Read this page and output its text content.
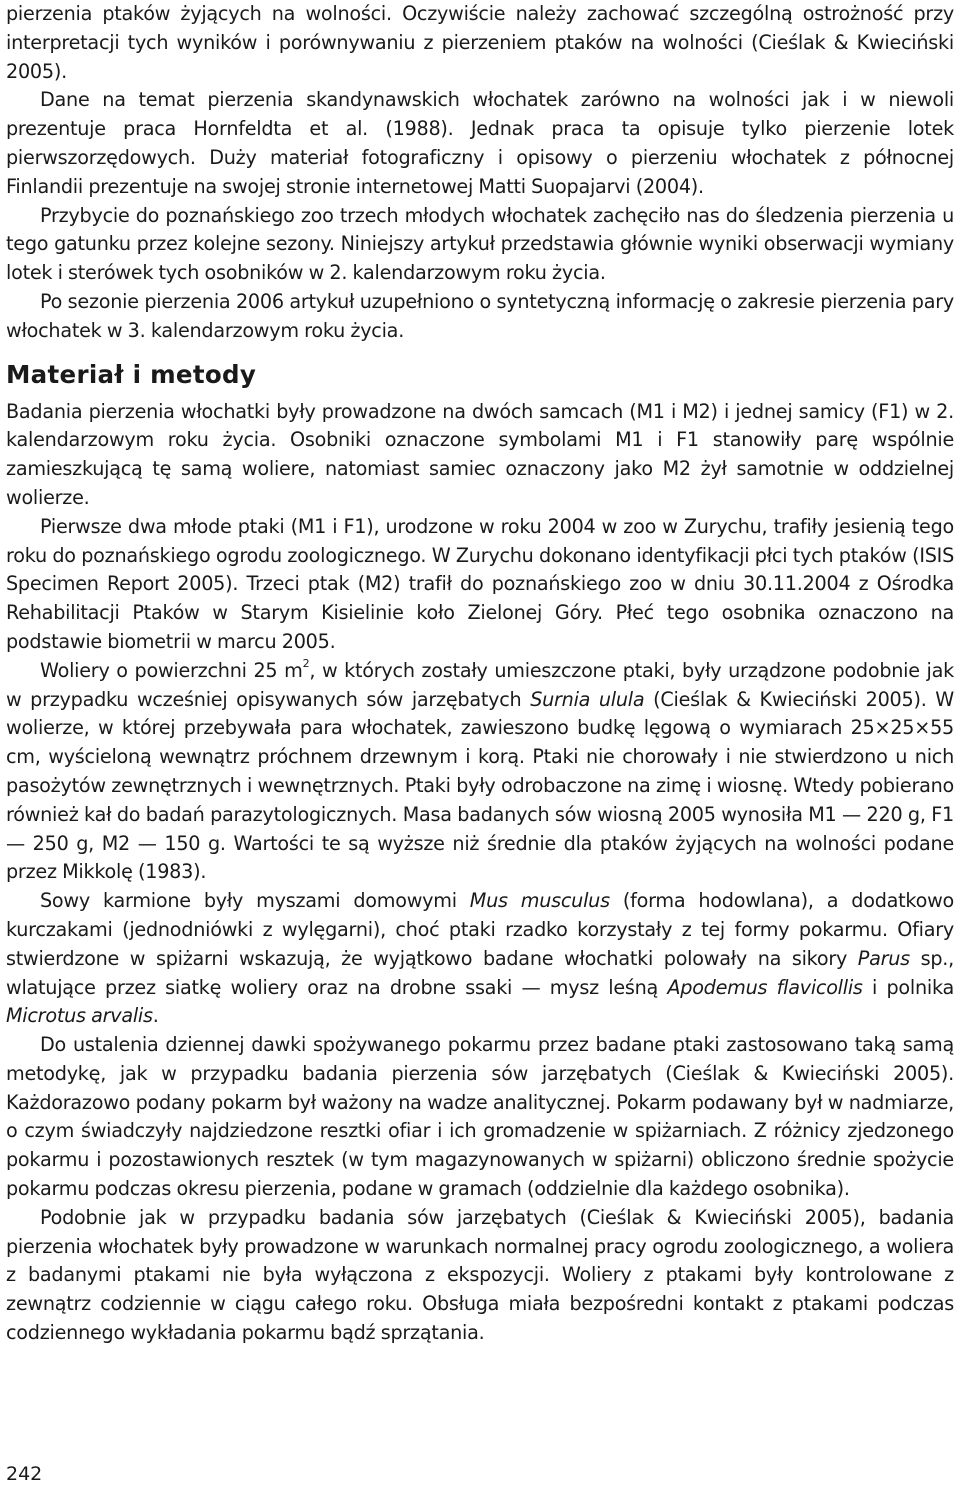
pierzenia ptaków żyjących na wolności. Oczywiście należy zachować szczególną ostrożność przy interpretacji tych wyników i porównywaniu z pierzeniem ptaków na wolności (Cieślak & Kwieciński 2005).

Dane na temat pierzenia skandynawskich włochatek zarówno na wolności jak i w niewoli prezentuje praca Hornfeldta et al. (1988). Jednak praca ta opisuje tylko pierzenie lotek pierwszorzędowych. Duży materiał fotograficzny i opisowy o pierzeniu włochatek z północnej Finlandii prezentuje na swojej stronie internetowej Matti Suopajarvi (2004).

Przybycie do poznańskiego zoo trzech młodych włochatek zachęciło nas do śledzenia pierzenia u tego gatunku przez kolejne sezony. Niniejszy artykuł przedstawia głównie wyniki obserwacji wymiany lotek i sterówek tych osobników w 2. kalendarzowym roku życia.

Po sezonie pierzenia 2006 artykuł uzupełniono o syntetyczną informację o zakresie pierzenia pary włochatek w 3. kalendarzowym roku życia.

Materiał i metody

Badania pierzenia włochatki były prowadzone na dwóch samcach (M1 i M2) i jednej samicy (F1) w 2. kalendarzowym roku życia. Osobniki oznaczone symbolami M1 i F1 stanowiły parę wspólnie zamieszkującą tę samą woliere, natomiast samiec oznaczony jako M2 żył samotnie w oddzielnej wolierze.

Pierwsze dwa młode ptaki (M1 i F1), urodzone w roku 2004 w zoo w Zurychu, trafiły jesienią tego roku do poznańskiego ogrodu zoologicznego. W Zurychu dokonano identyfikacji płci tych ptaków (ISIS Specimen Report 2005). Trzeci ptak (M2) trafił do poznańskiego zoo w dniu 30.11.2004 z Ośrodka Rehabilitacji Ptaków w Starym Kisielinie koło Zielonej Góry. Płeć tego osobnika oznaczono na podstawie biometrii w marcu 2005.

Woliery o powierzchni 25 $m^2$, w których zostały umieszczone ptaki, były urządzone podobnie jak w przypadku wcześniej opisywanych sów jarzębatych Surnia ulula (Cieślak & Kwieciński 2005). W wolierze, w której przebywała para włochatek, zawieszono budkę lęgową o wymiarach 25×25×55 cm, wyścieloną wewnątrz próchnem drzewnym i korą. Ptaki nie chorowały i nie stwierdzono u nich pasożytów zewnętrznych i wewnętrznych. Ptaki były odrobaczone na zimę i wiosnę. Wtedy pobierano również kał do badań parazytologicznych. Masa badanych sów wiosną 2005 wynosiła M1 — 220 g, F1 — 250 g, M2 — 150 g. Wartości te są wyższe niż średnie dla ptaków żyjących na wolności podane przez Mikkolę (1983).

Sowy karmione były myszami domowymi Mus musculus (forma hodowlana), a dodatkowo kurczakami (jednodniówki z wylęgarni), choć ptaki rzadko korzystały z tej formy pokarmu. Ofiary stwierdzone w spiżarni wskazują, że wyjątkowo badane włochatki polowały na sikory Parus sp., wlatujące przez siatkę woliery oraz na drobne ssaki — mysz leśną Apodemus flavicollis i polnika Microtus arvalis.

Do ustalenia dziennej dawki spożywanego pokarmu przez badane ptaki zastosowano taką samą metodykę, jak w przypadku badania pierzenia sów jarzębatych (Cieślak & Kwieciński 2005). Każdorazowo podany pokarm był ważony na wadze analitycznej. Pokarm podawany był w nadmiarze, o czym świadczyły najdziedzone resztki ofiar i ich gromadzenie w spiżarniach. Z różnicy zjedzonego pokarmu i pozostawionych resztek (w tym magazynowanych w spiżarni) obliczono średnie spożycie pokarmu podczas okresu pierzenia, podane w gramach (oddzielnie dla każdego osobnika).

Podobnie jak w przypadku badania sów jarzębatych (Cieślak & Kwieciński 2005), badania pierzenia włochatek były prowadzone w warunkach normalnej pracy ogrodu zoologicznego, a woliera z badanymi ptakami nie była wyłączona z ekspozycji. Woliery z ptakami były kontrolowane z zewnątrz codziennie w ciągu całego roku. Obsługa miała bezpośredni kontakt z ptakami podczas codziennego wykładania pokarmu bądź sprzątania.

242
